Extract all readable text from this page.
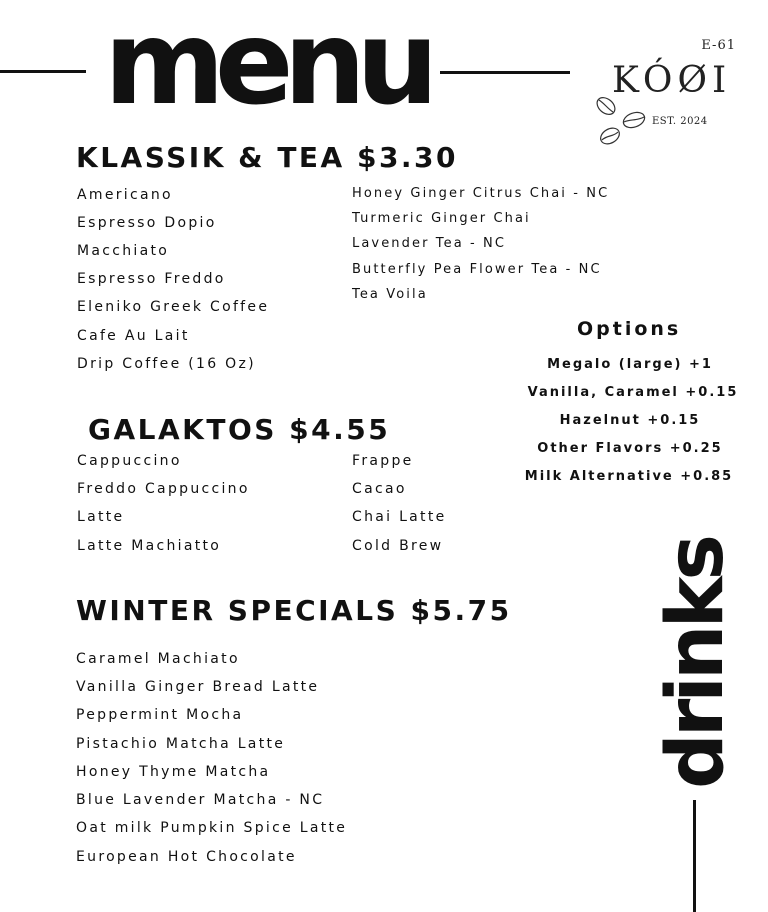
menu	E-61
KÓØI
EST. 2024
KLASSIK & TEA $3.30
Americano
Espresso Dopio
Macchiato
Espresso Freddo
Eleniko Greek Coffee
Cafe Au Lait
Drip Coffee (16 Oz)
Honey Ginger Citrus Chai - NC
Turmeric Ginger Chai
Lavender Tea - NC
Butterfly Pea Flower Tea - NC
Tea Voila
Options
Megalo (large) +1
Vanilla, Caramel +0.15
Hazelnut +0.15
Other Flavors +0.25
Milk Alternative +0.85
GALAKTOS $4.55
Cappuccino
Freddo Cappuccino
Latte
Latte Machiatto
Frappe
Cacao
Chai Latte
Cold Brew
WINTER SPECIALS $5.75
Caramel Machiato
Vanilla Ginger Bread Latte
Peppermint Mocha
Pistachio Matcha Latte
Honey Thyme Matcha
Blue Lavender Matcha - NC
Oat milk Pumpkin Spice Latte
European Hot Chocolate
drinks
